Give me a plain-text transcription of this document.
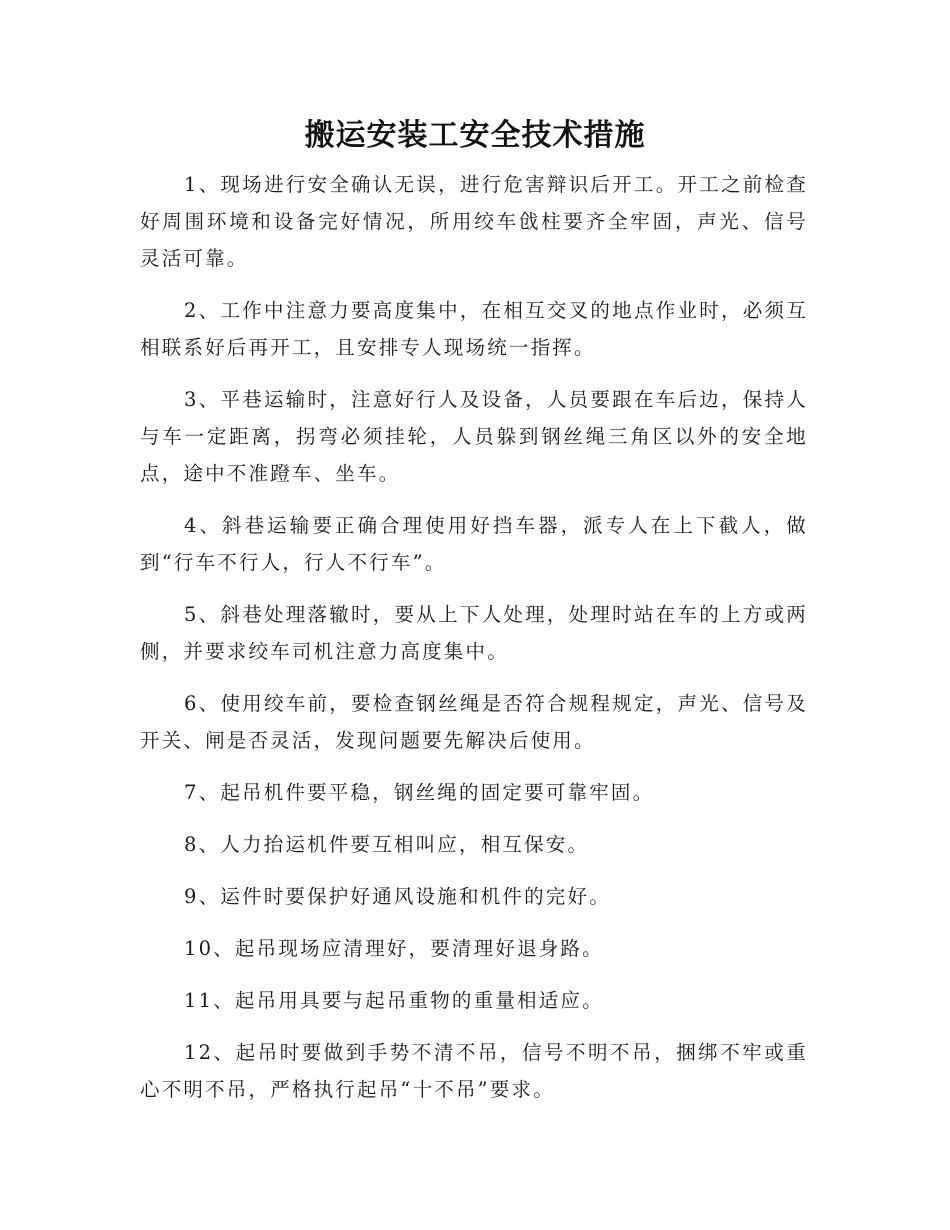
搬运安装工安全技术措施

1、现场进行安全确认无误，进行危害辩识后开工。开工之前检查好周围环境和设备完好情况，所用绞车戗柱要齐全牢固，声光、信号灵活可靠。

2、工作中注意力要高度集中，在相互交叉的地点作业时，必须互相联系好后再开工，且安排专人现场统一指挥。

3、平巷运输时，注意好行人及设备，人员要跟在车后边，保持人与车一定距离，拐弯必须挂轮，人员躲到钢丝绳三角区以外的安全地点，途中不准蹬车、坐车。

4、斜巷运输要正确合理使用好挡车器，派专人在上下截人，做到“行车不行人，行人不行车”。

5、斜巷处理落辙时，要从上下人处理，处理时站在车的上方或两侧，并要求绞车司机注意力高度集中。

6、使用绞车前，要检查钢丝绳是否符合规程规定，声光、信号及开关、闸是否灵活，发现问题要先解决后使用。

7、起吊机件要平稳，钢丝绳的固定要可靠牢固。

8、人力抬运机件要互相叫应，相互保安。

9、运件时要保护好通风设施和机件的完好。

10、起吊现场应清理好，要清理好退身路。

11、起吊用具要与起吊重物的重量相适应。

12、起吊时要做到手势不清不吊，信号不明不吊，捆绑不牢或重心不明不吊，严格执行起吊“十不吊”要求。
